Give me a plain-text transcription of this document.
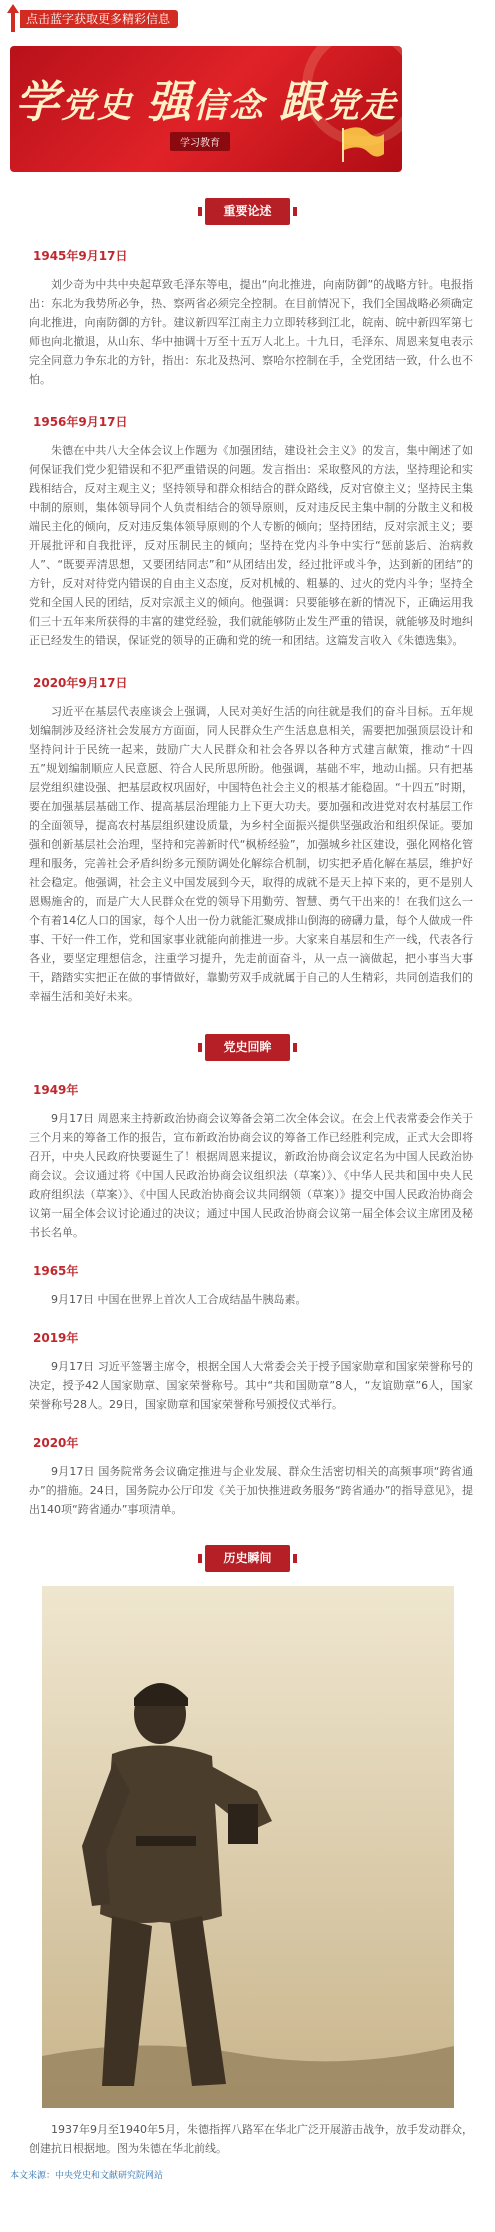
点击蓝字获取更多精彩信息
学党史 强信念 跟党走
学习教育
重要论述
1945年9月17日

刘少奇为中共中央起草致毛泽东等电，提出“向北推进，向南防御”的战略方针。电报指出：东北为我势所必争，热、察两省必须完全控制。在目前情况下，我们全国战略必须确定向北推进，向南防御的方针。建议新四军江南主力立即转移到江北，皖南、皖中新四军第七师也向北撤退，从山东、华中抽调十万至十五万人北上。十九日，毛泽东、周恩来复电表示完全同意力争东北的方针，指出：东北及热河、察哈尔控制在手，全党团结一致，什么也不怕。

1956年9月17日

朱德在中共八大全体会议上作题为《加强团结，建设社会主义》的发言，集中阐述了如何保证我们党少犯错误和不犯严重错误的问题。发言指出：采取整风的方法，坚持理论和实践相结合，反对主观主义；坚持领导和群众相结合的群众路线，反对官僚主义；坚持民主集中制的原则，集体领导同个人负责相结合的领导原则，反对违反民主集中制的分散主义和极端民主化的倾向，反对违反集体领导原则的个人专断的倾向；坚持团结，反对宗派主义；要开展批评和自我批评，反对压制民主的倾向；坚持在党内斗争中实行“惩前毖后、治病救人”、“既要弄清思想，又要团结同志”和“从团结出发，经过批评或斗争，达到新的团结”的方针，反对对待党内错误的自由主义态度，反对机械的、粗暴的、过火的党内斗争；坚持全党和全国人民的团结，反对宗派主义的倾向。他强调：只要能够在新的情况下，正确运用我们三十五年来所获得的丰富的建党经验，我们就能够防止发生严重的错误，就能够及时地纠正已经发生的错误，保证党的领导的正确和党的统一和团结。这篇发言收入《朱德选集》。

2020年9月17日

习近平在基层代表座谈会上强调，人民对美好生活的向往就是我们的奋斗目标。五年规划编制涉及经济社会发展方方面面，同人民群众生产生活息息相关，需要把加强顶层设计和坚持问计于民统一起来，鼓励广大人民群众和社会各界以各种方式建言献策，推动“十四五”规划编制顺应人民意愿、符合人民所思所盼。他强调，基础不牢，地动山摇。只有把基层党组织建设强、把基层政权巩固好，中国特色社会主义的根基才能稳固。“十四五”时期，要在加强基层基础工作、提高基层治理能力上下更大功夫。要加强和改进党对农村基层工作的全面领导，提高农村基层组织建设质量，为乡村全面振兴提供坚强政治和组织保证。要加强和创新基层社会治理，坚持和完善新时代“枫桥经验”，加强城乡社区建设，强化网格化管理和服务，完善社会矛盾纠纷多元预防调处化解综合机制，切实把矛盾化解在基层，维护好社会稳定。他强调，社会主义中国发展到今天，取得的成就不是天上掉下来的，更不是别人恩赐施舍的，而是广大人民群众在党的领导下用勤劳、智慧、勇气干出来的！在我们这么一个有着14亿人口的国家，每个人出一份力就能汇聚成排山倒海的磅礴力量，每个人做成一件事、干好一件工作，党和国家事业就能向前推进一步。大家来自基层和生产一线，代表各行各业，要坚定理想信念，注重学习提升，先走前面奋斗，从一点一滴做起，把小事当大事干，踏踏实实把正在做的事情做好，靠勤劳双手成就属于自己的人生精彩，共同创造我们的幸福生活和美好未来。

党史回眸
1949年

9月17日 周恩来主持新政治协商会议筹备会第二次全体会议。在会上代表常委会作关于三个月来的筹备工作的报告，宣布新政治协商会议的筹备工作已经胜利完成，正式大会即将召开，中央人民政府快要诞生了！根据周恩来提议，新政治协商会议定名为中国人民政治协商会议。会议通过将《中国人民政治协商会议组织法（草案）》、《中华人民共和国中央人民政府组织法（草案）》、《中国人民政治协商会议共同纲领（草案）》提交中国人民政治协商会议第一届全体会议讨论通过的决议；通过中国人民政治协商会议第一届全体会议主席团及秘书长名单。

1965年

9月17日 中国在世界上首次人工合成结晶牛胰岛素。

2019年

9月17日 习近平签署主席令，根据全国人大常委会关于授予国家勋章和国家荣誉称号的决定，授予42人国家勋章、国家荣誉称号。其中“共和国勋章”8人，“友谊勋章”6人，国家荣誉称号28人。29日，国家勋章和国家荣誉称号颁授仪式举行。

2020年

9月17日 国务院常务会议确定推进与企业发展、群众生活密切相关的高频事项“跨省通办”的措施。24日，国务院办公厅印发《关于加快推进政务服务“跨省通办”的指导意见》，提出140项“跨省通办”事项清单。

历史瞬间

1937年9月至1940年5月，朱德指挥八路军在华北广泛开展游击战争，放手发动群众，创建抗日根据地。图为朱德在华北前线。

本文来源：中央党史和文献研究院网站
